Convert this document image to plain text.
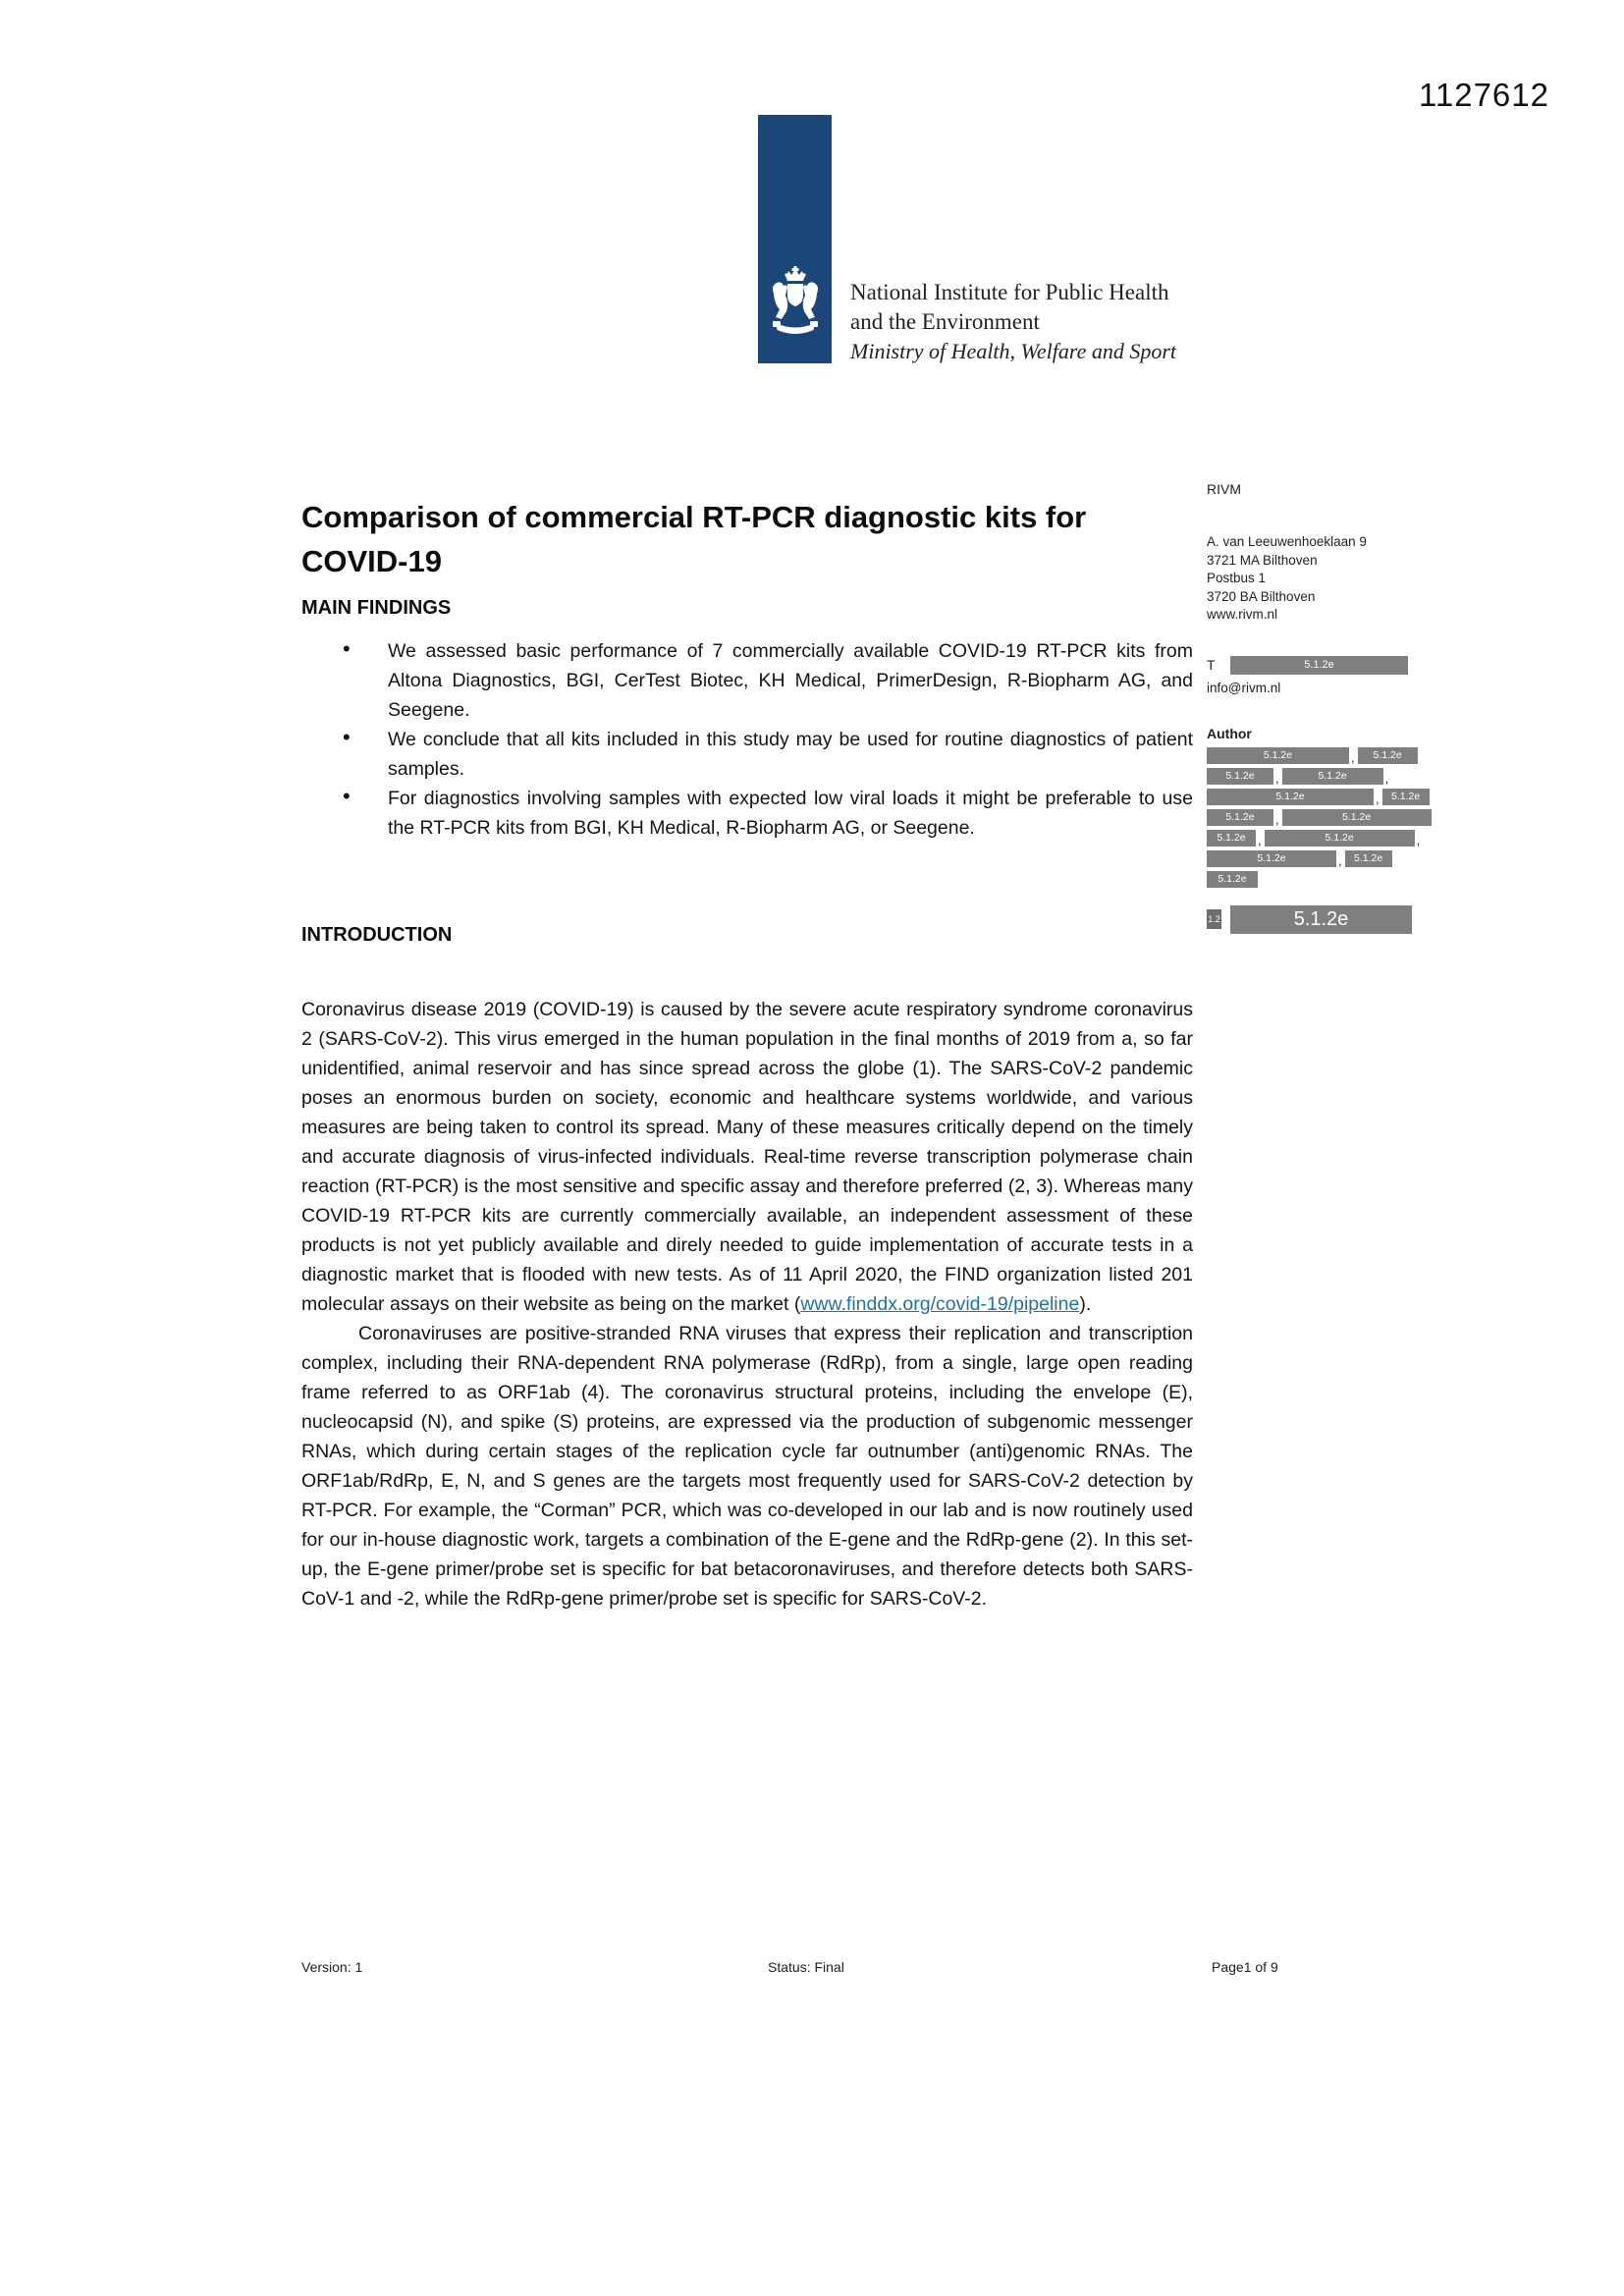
1127612
National Institute for Public Health
and the Environment
Ministry of Health, Welfare and Sport
Comparison of commercial RT-PCR diagnostic kits for COVID-19
MAIN FINDINGS
• We assessed basic performance of 7 commercially available COVID-19 RT-PCR kits from Altona Diagnostics, BGI, CerTest Biotec, KH Medical, PrimerDesign, R-Biopharm AG, and Seegene.
• We conclude that all kits included in this study may be used for routine diagnostics of patient samples.
• For diagnostics involving samples with expected low viral loads it might be preferable to use the RT-PCR kits from BGI, KH Medical, R-Biopharm AG, or Seegene.
INTRODUCTION

Coronavirus disease 2019 (COVID-19) is caused by the severe acute respiratory syndrome coronavirus 2 (SARS-CoV-2). This virus emerged in the human population in the final months of 2019 from a, so far unidentified, animal reservoir and has since spread across the globe (1). The SARS-CoV-2 pandemic poses an enormous burden on society, economic and healthcare systems worldwide, and various measures are being taken to control its spread. Many of these measures critically depend on the timely and accurate diagnosis of virus-infected individuals. Real-time reverse transcription polymerase chain reaction (RT-PCR) is the most sensitive and specific assay and therefore preferred (2, 3). Whereas many COVID-19 RT-PCR kits are currently commercially available, an independent assessment of these products is not yet publicly available and direly needed to guide implementation of accurate tests in a diagnostic market that is flooded with new tests. As of 11 April 2020, the FIND organization listed 201 molecular assays on their website as being on the market (www.finddx.org/covid-19/pipeline).

Coronaviruses are positive-stranded RNA viruses that express their replication and transcription complex, including their RNA-dependent RNA polymerase (RdRp), from a single, large open reading frame referred to as ORF1ab (4). The coronavirus structural proteins, including the envelope (E), nucleocapsid (N), and spike (S) proteins, are expressed via the production of subgenomic messenger RNAs, which during certain stages of the replication cycle far outnumber (anti)genomic RNAs. The ORF1ab/RdRp, E, N, and S genes are the targets most frequently used for SARS-CoV-2 detection by RT-PCR. For example, the “Corman” PCR, which was co-developed in our lab and is now routinely used for our in-house diagnostic work, targets a combination of the E-gene and the RdRp-gene (2). In this set-up, the E-gene primer/probe set is specific for bat betacoronaviruses, and therefore detects both SARS-CoV-1 and -2, while the RdRp-gene primer/probe set is specific for SARS-CoV-2.

RIVM
A. van Leeuwenhoeklaan 9
3721 MA Bilthoven
Postbus 1
3720 BA Bilthoven
www.rivm.nl
T	5.1.2e
info@rivm.nl
Author
5.1.2e	,	5.1.2e
5.1.2e	,	5.1.2e	,
5.1.2e	,	5.1.2e
5.1.2e	,	5.1.2e
5.1.2e ,	5.1.2e	,
5.1.2e	,	5.1.2e
5.1.2e
1.2	5.1.2e
Version: 1	Status: Final	Page1 of 9
